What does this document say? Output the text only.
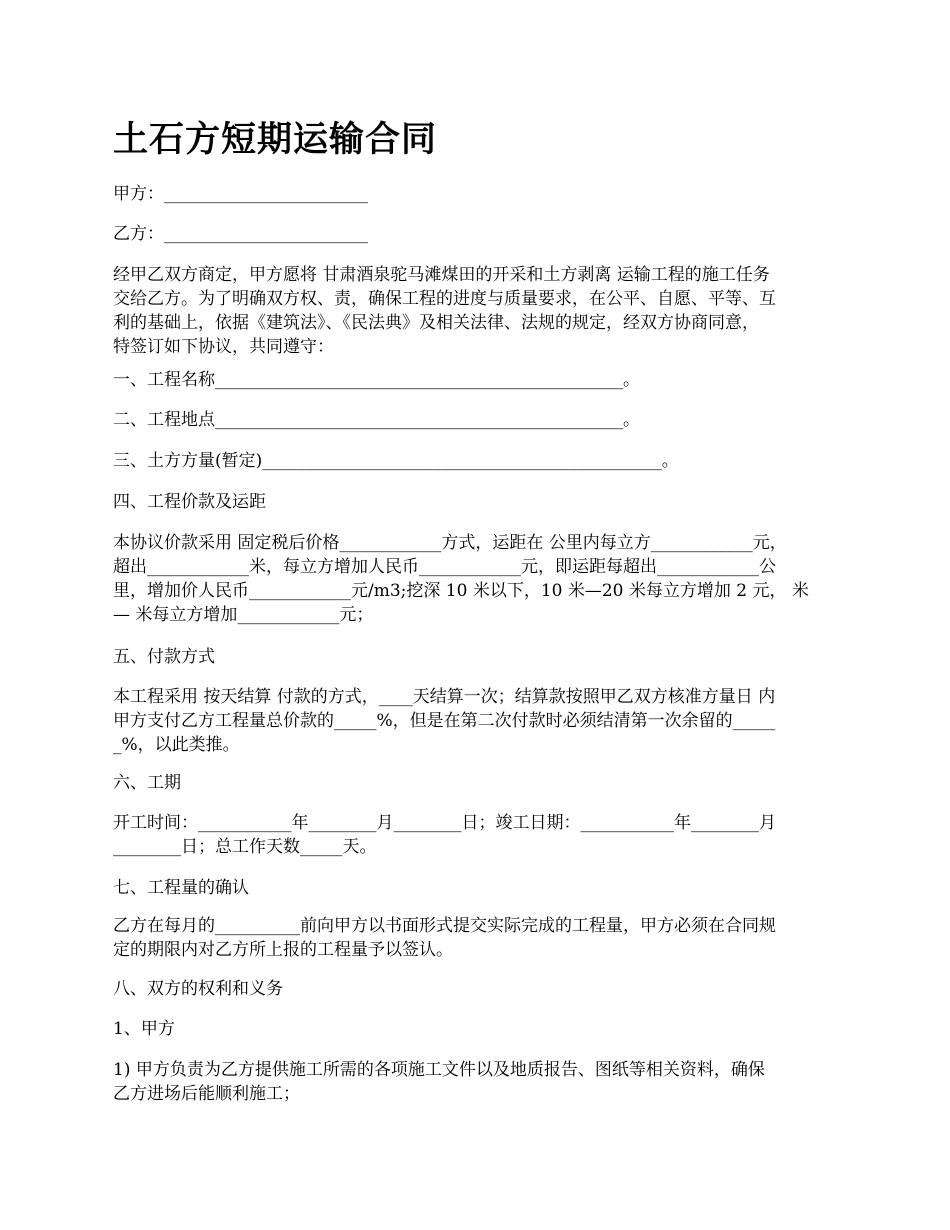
土石方短期运输合同

甲方：________________________

乙方：________________________

经甲乙双方商定，甲方愿将 甘肃酒泉驼马滩煤田的开采和土方剥离 运输工程的施工任务

交给乙方。为了明确双方权、责，确保工程的进度与质量要求，在公平、自愿、平等、互

利的基础上，依据《建筑法》、《民法典》及相关法律、法规的规定，经双方协商同意，

特签订如下协议，共同遵守：

一、工程名称________________________________________________。

二、工程地点________________________________________________。

三、土方方量(暂定)_______________________________________________。

四、工程价款及运距

本协议价款采用 固定税后价格____________方式，运距在 公里内每立方____________元，

超出____________米，每立方增加人民币____________元，即运距每超出____________公

里，增加价人民币____________元/m3;挖深 10 米以下，10 米—20 米每立方增加 2 元， 米

— 米每立方增加____________元；

五、付款方式

本工程采用 按天结算 付款的方式，____天结算一次；结算款按照甲乙双方核准方量日 内

甲方支付乙方工程量总价款的_____%，但是在第二次付款时必须结清第一次余留的_____

_%，以此类推。

六、工期

开工时间：___________年________月________日；竣工日期：___________年________月

________日；总工作天数_____天。

七、工程量的确认

乙方在每月的__________前向甲方以书面形式提交实际完成的工程量，甲方必须在合同规

定的期限内对乙方所上报的工程量予以签认。

八、双方的权利和义务

1、甲方

1) 甲方负责为乙方提供施工所需的各项施工文件以及地质报告、图纸等相关资料，确保

乙方进场后能顺利施工；
